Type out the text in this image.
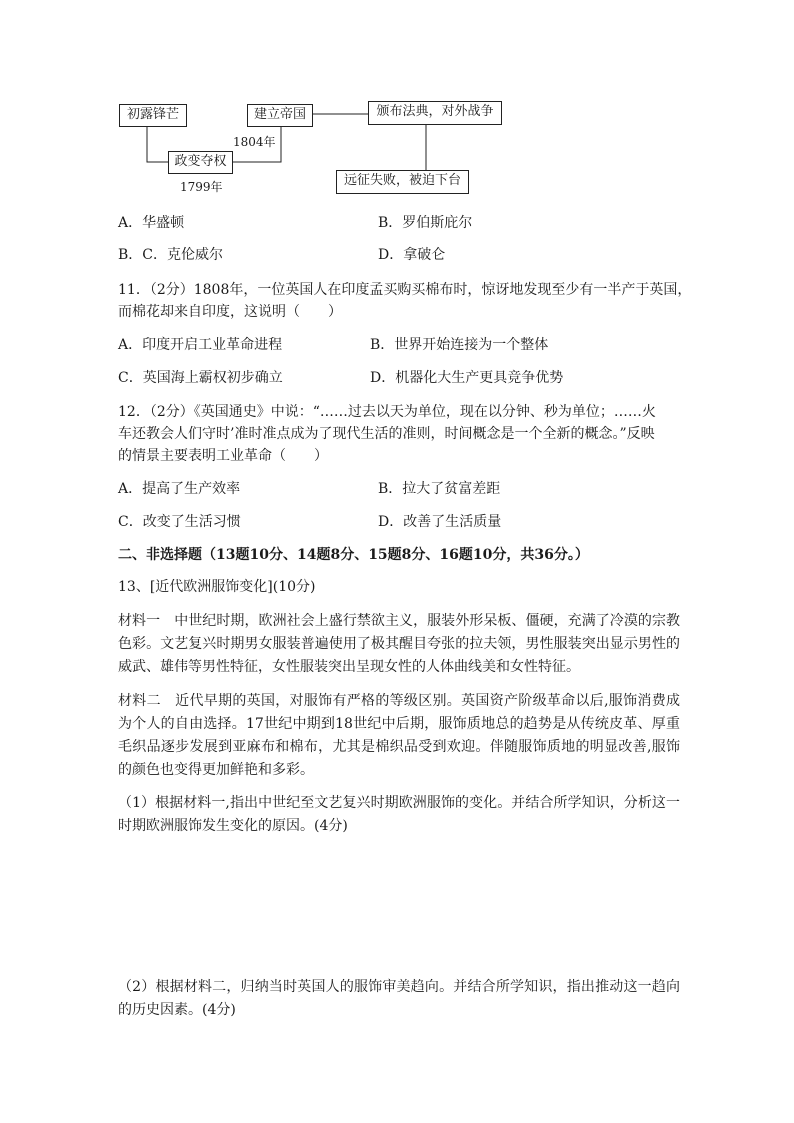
初露锋芒
政变夺权
建立帝国	颁布法典，对外战争
远征失败，被迫下台
1799年
1804年
A．华盛顿	B．罗伯斯庇尔
B．C．克伦威尔	D．拿破仑
11．（2分）1808年，一位英国人在印度孟买购买棉布时，惊讶地发现至少有一半产于英国，
而棉花却来自印度，这说明（　　）
A．印度开启工业革命进程	B．世界开始连接为一个整体
C．英国海上霸权初步确立	D．机器化大生产更具竞争优势
12．（2分）《英国通史》中说：“……过去以天为单位，现在以分钟、秒为单位；……火
车还教会人们守时’准时准点成为了现代生活的准则，时间概念是一个全新的概念。”反映
的情景主要表明工业革命（　　）
A．提高了生产效率	B．拉大了贫富差距
C．改变了生活习惯	D．改善了生活质量
二、非选择题（13题10分、14题8分、15题8分、16题10分，共36分。）
13、[近代欧洲服饰变化](10分)
材料一　中世纪时期，欧洲社会上盛行禁欲主义，服装外形呆板、僵硬，充满了冷漠的宗教色彩。文艺复兴时期男女服装普遍使用了极其醒目夸张的拉夫领，男性服装突出显示男性的威武、雄伟等男性特征，女性服装突出呈现女性的人体曲线美和女性特征。
材料二　近代早期的英国，对服饰有严格的等级区别。英国资产阶级革命以后,服饰消费成为个人的自由选择。17世纪中期到18世纪中后期，服饰质地总的趋势是从传统皮革、厚重毛织品逐步发展到亚麻布和棉布，尤其是棉织品受到欢迎。伴随服饰质地的明显改善,服饰的颜色也变得更加鲜艳和多彩。
（1）根据材料一,指出中世纪至文艺复兴时期欧洲服饰的变化。并结合所学知识，分析这一时期欧洲服饰发生变化的原因。(4分)
（2）根据材料二，归纳当时英国人的服饰审美趋向。并结合所学知识，指出推动这一趋向的历史因素。(4分)
